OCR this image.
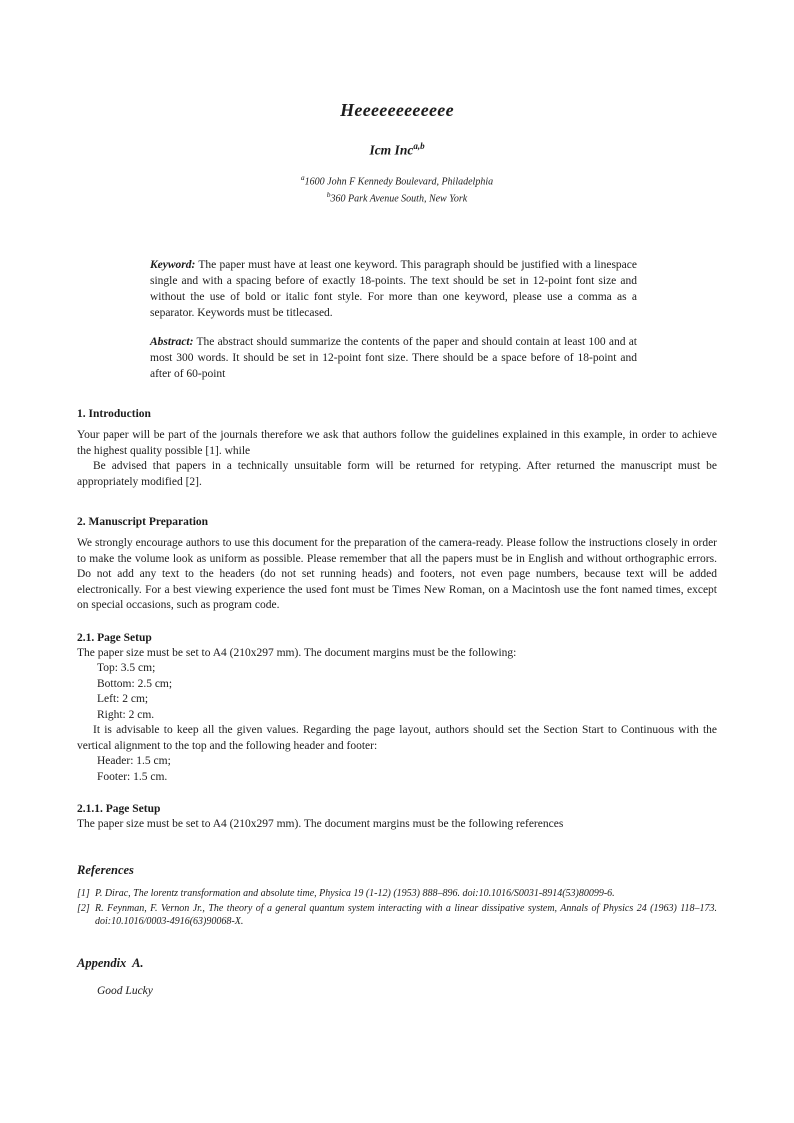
Heeeeeeeeeeee
Icm Inc$^{a,b}$
$^a$1600 John F Kennedy Boulevard, Philadelphia
$^b$360 Park Avenue South, New York

Keyword: The paper must have at least one keyword. This paragraph should be justified with a linespace single and with a spacing before of exactly 18-points. The text should be set in 12-point font size and without the use of bold or italic font style. For more than one keyword, please use a comma as a separator. Keywords must be titlecased.

Abstract: The abstract should summarize the contents of the paper and should contain at least 100 and at most 300 words. It should be set in 12-point font size. There should be a space before of 18-point and after of 60-point

1. Introduction

Your paper will be part of the journals therefore we ask that authors follow the guidelines explained in this example, in order to achieve the highest quality possible [1]. while

Be advised that papers in a technically unsuitable form will be returned for retyping. After returned the manuscript must be appropriately modified [2].

2. Manuscript Preparation

We strongly encourage authors to use this document for the preparation of the camera-ready. Please follow the instructions closely in order to make the volume look as uniform as possible. Please remember that all the papers must be in English and without orthographic errors. Do not add any text to the headers (do not set running heads) and footers, not even page numbers, because text will be added electronically. For a best viewing experience the used font must be Times New Roman, on a Macintosh use the font named times, except on special occasions, such as program code.

2.1. Page Setup

The paper size must be set to A4 (210x297 mm). The document margins must be the following:

Top: 3.5 cm;

Bottom: 2.5 cm;

Left: 2 cm;

Right: 2 cm.

It is advisable to keep all the given values. Regarding the page layout, authors should set the Section Start to Continuous with the vertical alignment to the top and the following header and footer:

Header: 1.5 cm;

Footer: 1.5 cm.

2.1.1. Page Setup

The paper size must be set to A4 (210x297 mm). The document margins must be the following references

References
[1] P. Dirac, The lorentz transformation and absolute time, Physica 19 (1-12) (1953) 888–896. doi:10.1016/S0031-8914(53)80099-6.
[2] R. Feynman, F. Vernon Jr., The theory of a general quantum system interacting with a linear dissipative system, Annals of Physics 24 (1963) 118–173. doi:10.1016/0003-4916(63)90068-X.
Appendix  A.

Good Lucky
